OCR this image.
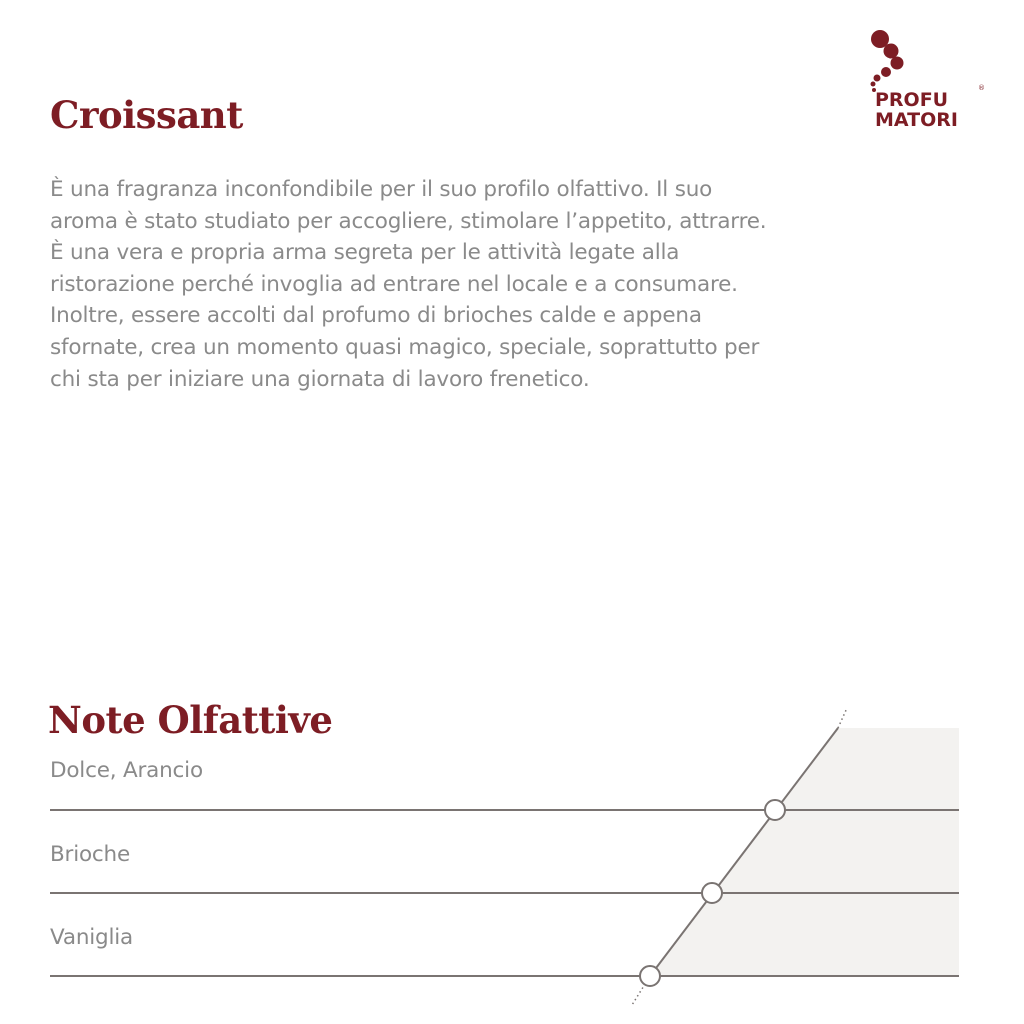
PROFU
MATORI
®
Croissant

È una fragranza inconfondibile per il suo profilo olfattivo. Il suo aroma è stato studiato per accogliere, stimolare l’appetito, attrarre. È una vera e propria arma segreta per le attività legate alla ristorazione perché invoglia ad entrare nel locale e a consumare. Inoltre, essere accolti dal profumo di brioches calde e appena sfornate, crea un momento quasi magico, speciale, soprattutto per chi sta per iniziare una giornata di lavoro frenetico.

Note Olfattive
Dolce, Arancio
Brioche
Vaniglia
